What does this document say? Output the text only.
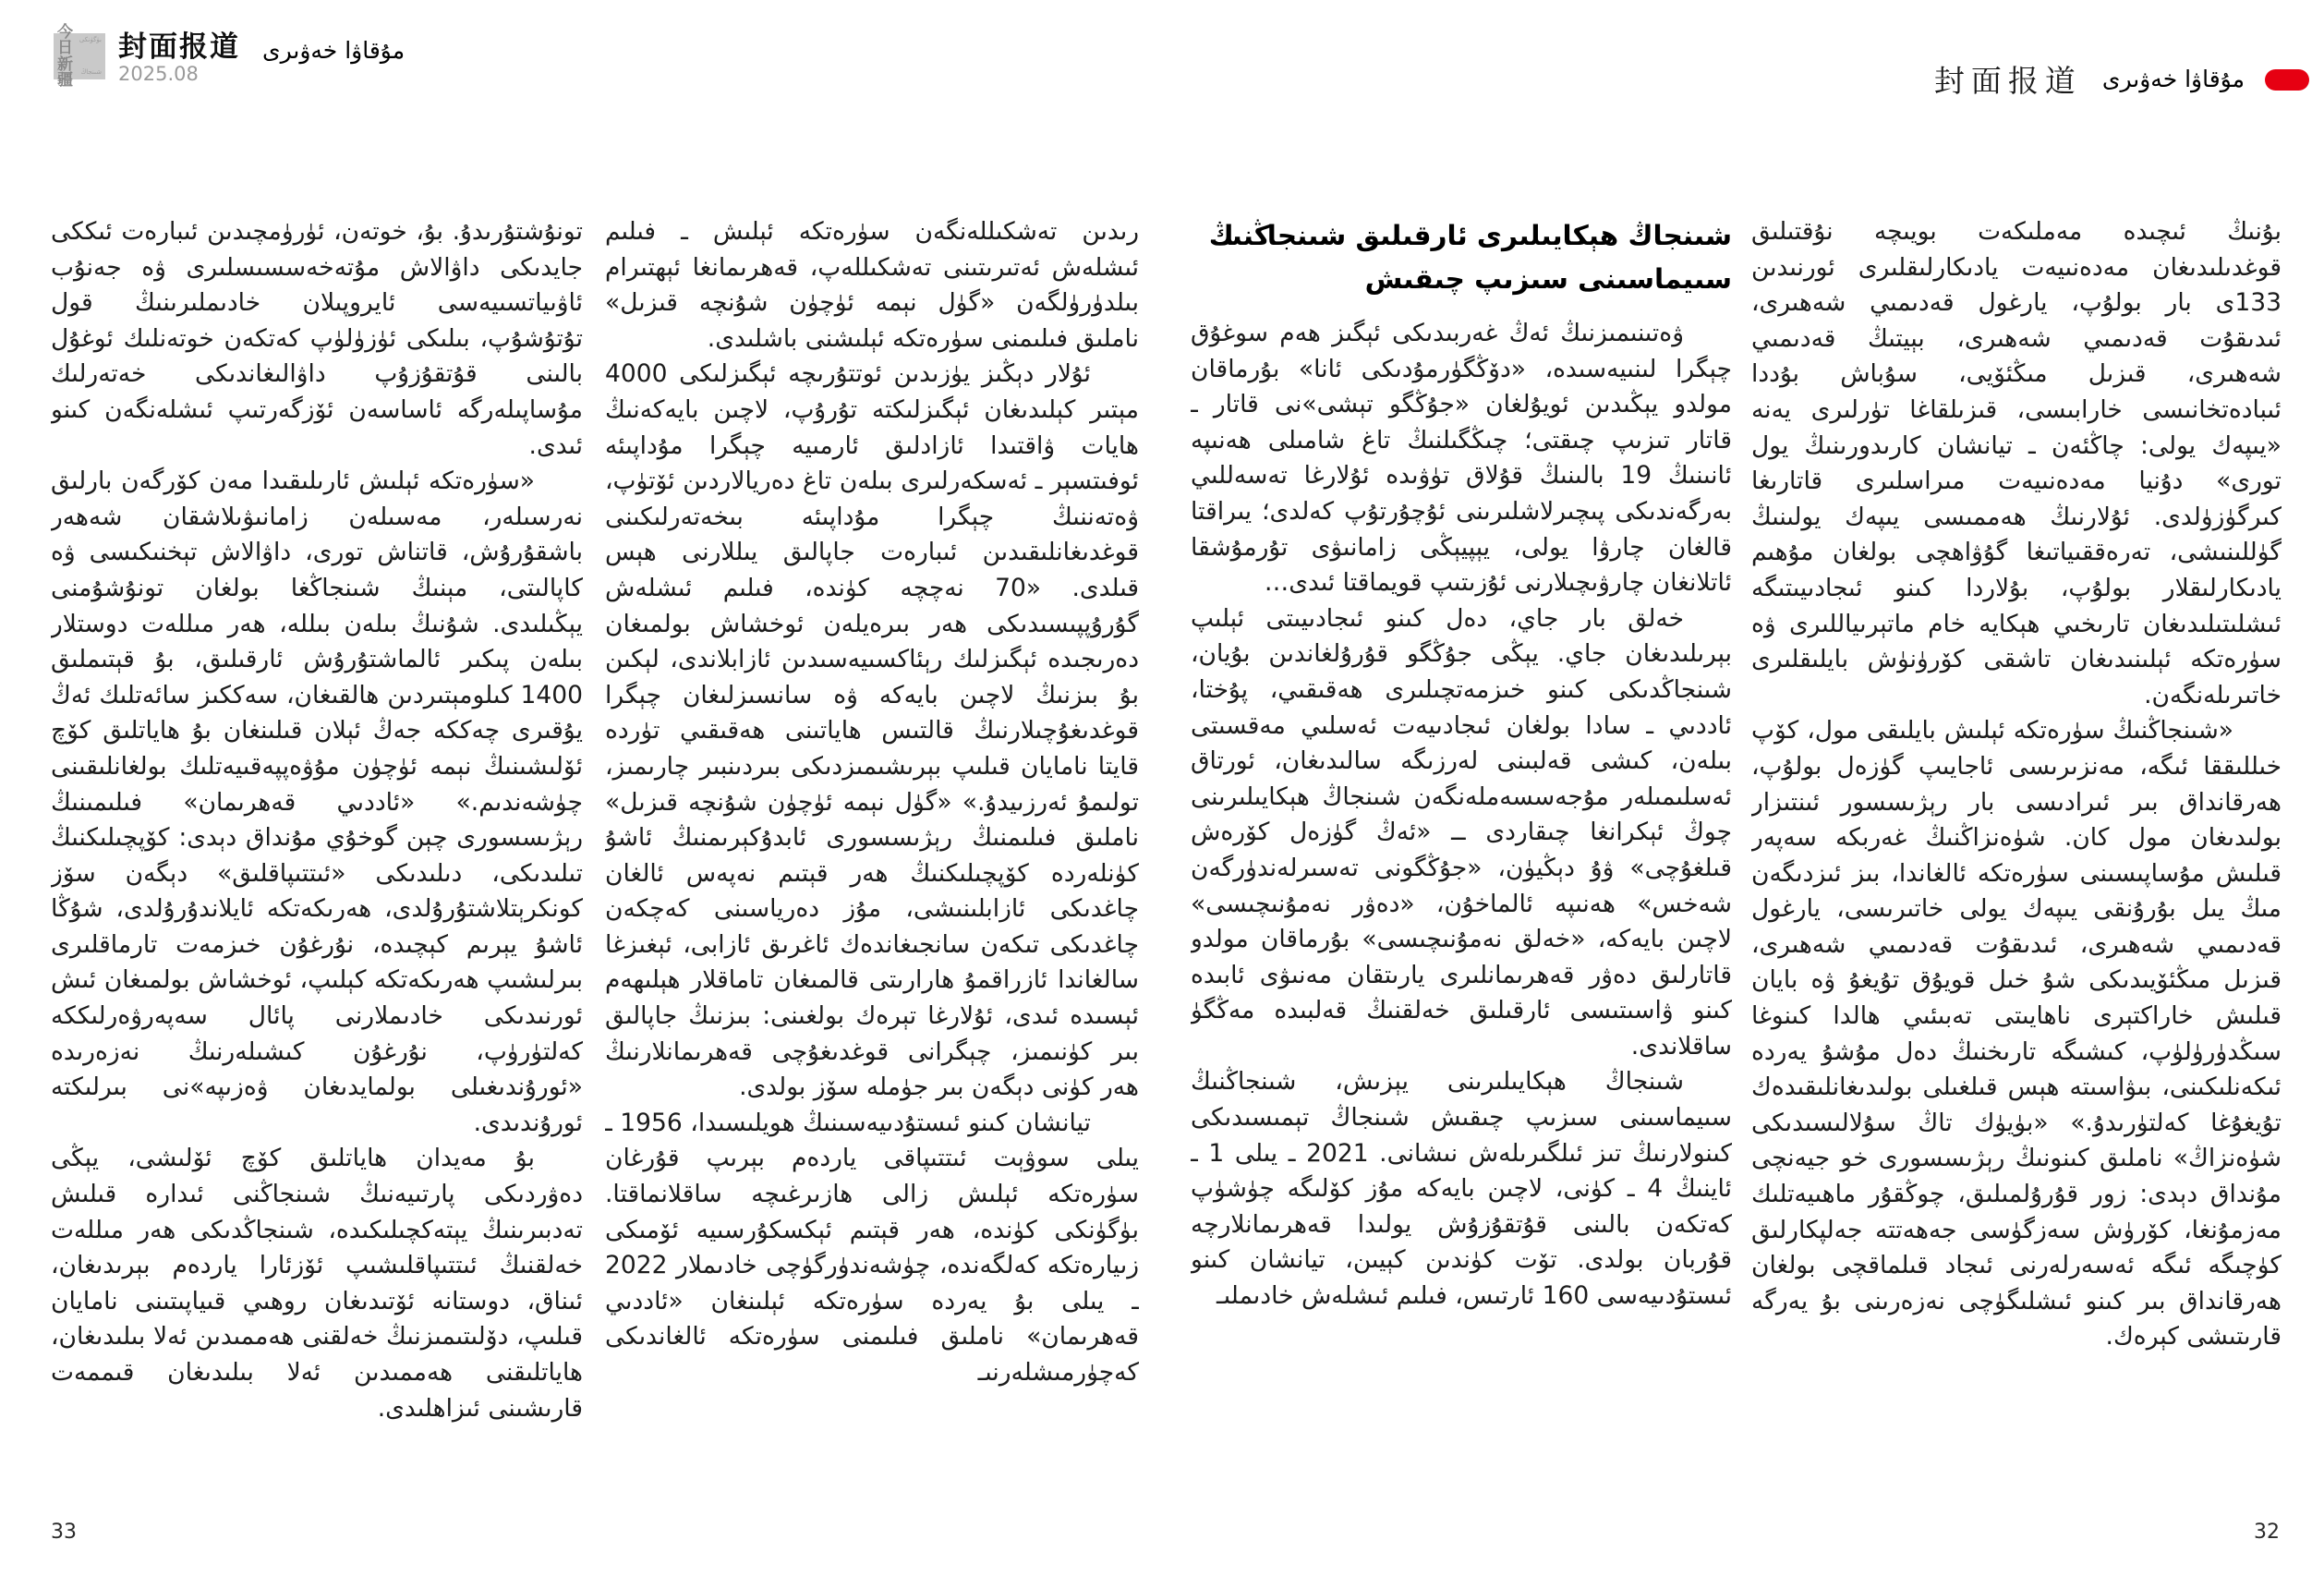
今日 بۈگۈنكى
新疆	شىنجاڭ
封面报道
2025.08
مۇقاۋا خەۋىرى
封面报道 مۇقاۋا خەۋىرى

بۇنىڭ ئىچىدە مەملىكەت بويىچە نۇقتىلىق قوغدىلىدىغان مەدەنىيەت يادىكارلىقلىرى ئورنىدىن 133ى بار بولۇپ، يارغول قەدىمىي شەھىرى، ئىدىقۇت قەدىمىي شەھىرى، بېيتىڭ قەدىمىي شەھىرى، قىزىل مىڭئۆيى، سۇباش بۇددا ئىبادەتخانىسى خارابىسى، قىزىلقاغا تۈرلىرى يەنە «يىپەك يولى: چاڭئەن ـ تيانشان كارىدورىنىڭ يول تورى» دۇنيا مەدەنىيەت مىراسلىرى قاتارىغا كىرگۈزۈلدى. ئۇلارنىڭ ھەممىسى يىپەك يولىنىڭ گۈللىنىشى، تەرەققىياتىغا گۇۋاھچى بولغان مۇھىم يادىكارلىقلار بولۇپ، بۇلاردا كىنو ئىجادىيىتىگە ئىشلىتىلىدىغان تارىخىي ھېكايە خام ماتېرىياللىرى ۋە سۈرەتكە ئېلىنىدىغان تاشقى كۆرۈنۈش بايلىقلىرى خاتىرىلەنگەن.

«شىنجاڭنىڭ سۈرەتكە ئېلىش بايلىقى مول، كۆپ خىللىققا ئىگە، مەنزىرىسى ئاجايىپ گۈزەل بولۇپ، ھەرقانداق بىر ئىرادىسى بار رېژىسسور ئىنتىزار بولىدىغان مول كان. شۈەنزاڭنىڭ غەربكە سەپەر قىلىش مۇساپىسىنى سۈرەتكە ئالغاندا، بىز ئىزدىگەن مىڭ يىل بۇرۇنقى يىپەك يولى خاتىرىسى، يارغول قەدىمىي شەھىرى، ئىدىقۇت قەدىمىي شەھىرى، قىزىل مىڭئۆيىدىكى شۇ خىل قويۇق تۇيغۇ ۋە بايان قىلىش خاراكتېرى ناھايىتى تەبىئىي ھالدا كىنوغا سىڭدۈرۈلۈپ، كىشىگە تارىخنىڭ دەل مۇشۇ يەردە ئىكەنلىكىنى، بىۋاسىتە ھېس قىلغىلى بولىدىغانلىقىدەك تۇيغۇغا كەلتۈرىدۇ.» «بۈيۈك تاڭ سۇلالىسىدىكى شۈەنزاڭ» ناملىق كىنونىڭ رېژىسسورى خو جيەنچى مۇنداق دېدى: زور قۇرۇلمىلىق، چوڭقۇر ماھىيەتلىك مەزمۇنغا، كۆرۈش سەزگۈسى جەھەتتە جەلپكارلىق كۈچىگە ئىگە ئەسەرلەرنى ئىجاد قىلماقچى بولغان ھەرقانداق بىر كىنو ئىشلىگۈچى نەزەرىنى بۇ يەرگە قارىتىشى كېرەك.

شىنجاڭ ھېكايىلىرى ئارقىلىق شىنجاڭنىڭ سىيماسىنى سىزىپ چىقىش

ۋەتىنىمىزنىڭ ئەڭ غەربىدىكى ئېگىز ھەم سوغۇق چېگرا لىنىيەسىدە، «دۆڭگۈرمۇدىكى ئانا» بۇرماقان مولدو يېڭىدىن ئويۇلغان «جۇڭگو تېشى»نى قاتار ـ قاتار تىزىپ چىقتى؛ چىڭگىلنىڭ تاغ شامىلى ھەنىپە ئانىنىڭ 19 بالىنىڭ قۇلاق تۈۋىدە ئۇلارغا تەسەللىي بەرگەندىكى پىچىرلاشلىرىنى ئۇچۇرتۇپ كەلدى؛ يىراقتا قالغان چارۋا يولى، يېپيېڭى زامانىۋى تۇرمۇشقا ئاتلانغان چارۋىچىلارنى ئۇزىتىپ قويماقتا ئىدى…

خەلق بار جاي، دەل كىنو ئىجادىيىتى ئېلىپ بېرىلىدىغان جاي. يېڭى جۇڭگو قۇرۇلغاندىن بۇيان، شىنجاڭدىكى كىنو خىزمەتچىلىرى ھەقىقىي، پۇختا، ئاددىي ـ سادا بولغان ئىجادىيەت ئەسلىي مەقسىتى بىلەن، كىشى قەلبىنى لەرزىگە سالىدىغان، ئورتاق ئەسلىمىلەر مۇجەسسەملەنگەن شىنجاڭ ھېكايىلىرىنى چوڭ ئېكرانغا چىقاردى ــ «ئەڭ گۈزەل كۆرەش قىلغۇچى» ۋۇ دېڭيۈن، «جۇڭگونى تەسىرلەندۈرگەن شەخس» ھەنىپە ئالماخۇن، «دەۋر نەمۇنىچىسى» لاچىن بايەكە، «خەلق نەمۇنىچىسى» بۇرماقان مولدو قاتارلىق دەۋر قەھرىمانلىرى يارىتقان مەنىۋى ئابىدە كىنو ۋاسىتىسى ئارقىلىق خەلقنىڭ قەلبىدە مەڭگۈ ساقلاندى.

شىنجاڭ ھېكايىلىرىنى يېزىش، شىنجاڭنىڭ سىيماسىنى سىزىپ چىقىش شىنجاڭ تېمىسىدىكى كىنولارنىڭ تىز ئىلگىرىلەش نىشانى. 2021 ـ يىلى 1 ـ ئاينىڭ 4 ـ كۈنى، لاچىن بايەكە مۇز كۆلىگە چۈشۈپ كەتكەن بالىنى قۇتقۇزۇش يولىدا قەھرىمانلارچە قۇربان بولدى. تۆت كۈندىن كېيىن، تيانشان كىنو ئىستۇدىيەسى 160 ئارتىس، فىلىم ئىشلەش خادىملىـ

رىدىن تەشكىللەنگەن سۈرەتكە ئېلىش ـ فىلىم ئىشلەش ئەتىرىتىنى تەشكىللەپ، قەھرىمانغا ئېھتىرام بىلدۈرۈلگەن «گۈل نېمە ئۈچۈن شۇنچە قىزىل» ناملىق فىلىمنى سۈرەتكە ئېلىشنى باشلىدى.

ئۇلار دېڭىز يۈزىدىن ئوتتۇرىچە ئېگىزلىكى 4000 مېتىر كېلىدىغان ئېگىزلىكتە تۇرۇپ، لاچىن بايەكەنىڭ ھايات ۋاقتىدا ئازادلىق ئارمىيە چېگرا مۇداپىئە ئوفىتسېر ـ ئەسكەرلىرى بىلەن تاغ دەريالاردىن ئۆتۈپ، ۋەتەننىڭ چېگرا مۇداپىئە بىخەتەرلىكىنى قوغدىغانلىقىدىن ئىبارەت جاپالىق يىللارنى ھېس قىلدى. «70 نەچچە كۈندە، فىلىم ئىشلەش گۇرۇپپىسىدىكى ھەر بىرەيلەن ئوخشاش بولمىغان دەرىجىدە ئېگىزلىك رېئاكسىيەسىدىن ئازابلاندى، لېكىن بۇ بىزنىڭ لاچىن بايەكە ۋە سانسىزلىغان چېگرا قوغدىغۇچىلارنىڭ قالتىس ھاياتىنى ھەقىقىي تۈردە قايتا نامايان قىلىپ بېرىشىمىزدىكى بىردىنبىر چارىمىز، تولىمۇ ئەرزىيدۇ.» «گۈل نېمە ئۈچۈن شۇنچە قىزىل» ناملىق فىلىمنىڭ رېژىسسورى ئابدۇكېرىمنىڭ ئاشۇ كۈنلەردە كۆپچىلىكنىڭ ھەر قېتىم نەپەس ئالغان چاغدىكى ئازابلىنىشى، مۇز دەرياسىنى كەچكەن چاغدىكى تىكەن سانجىغاندەك ئاغرىق ئازابى، ئېغىزغا سالغاندا ئازراقمۇ ھارارىتى قالمىغان تاماقلار ھېلىھەم ئېسىدە ئىدى، ئۇلارغا تېرەك بولغىنى: بىزنىڭ جاپالىق بىر كۈنىمىز، چېگرانى قوغدىغۇچى قەھرىمانلارنىڭ ھەر كۈنى دېگەن بىر جۈملە سۆز بولدى.

تيانشان كىنو ئىستۇدىيەسىنىڭ ھويلىسىدا، 1956 ـ يىلى سوۋېت ئىتتىپاقى ياردەم بېرىپ قۇرغان سۈرەتكە ئېلىش زالى ھازىرغىچە ساقلانماقتا. بۈگۈنكى كۈندە، ھەر قېتىم ئېكسكۇرسىيە ئۆمىكى زىيارەتكە كەلگەندە، چۈشەندۈرگۈچى خادىملار 2022 ـ يىلى بۇ يەردە سۈرەتكە ئېلىنغان «ئاددىي قەھرىمان» ناملىق فىلىمنى سۈرەتكە ئالغاندىكى كەچۈرمىشلەرنىـ

تونۇشتۇرىدۇ. بۇ، خوتەن، ئۈرۈمچىدىن ئىبارەت ئىككى جايدىكى داۋالاش مۇتەخەسسىسلىرى ۋە جەنۇب ئاۋىياتسىيەسى ئايروپىلان خادىملىرىنىڭ قول تۇتۇشۇپ، بىلىكى ئۈزۈلۈپ كەتكەن خوتەنلىك ئوغۇل بالىنى قۇتقۇزۇپ داۋالىغاندىكى خەتەرلىك مۇساپىلەرگە ئاساسەن ئۆزگەرتىپ ئىشلەنگەن كىنو ئىدى.

«سۈرەتكە ئېلىش ئارىلىقىدا مەن كۆرگەن بارلىق نەرسىلەر، مەسىلەن زامانىۋىلاشقان شەھەر باشقۇرۇش، قاتناش تورى، داۋالاش تېخنىكىسى ۋە كاپالىتى، مېنىڭ شىنجاڭغا بولغان تونۇشۇمنى يېڭىلىدى. شۇنىڭ بىلەن بىللە، ھەر مىللەت دوستلار بىلەن پىكىر ئالماشتۇرۇش ئارقىلىق، بۇ قېتىملىق 1400 كىلومېتىردىن ھالقىغان، سەككىز سائەتلىك ئەڭ يۇقىرى چەككە جەڭ ئېلان قىلىنغان بۇ ھاياتلىق كۆچ ئۆلىشىنىڭ نېمە ئۈچۈن مۇۋەپپەقىيەتلىك بولغانلىقىنى چۈشەندىم.» «ئاددىي قەھرىمان» فىلىمىنىڭ رېژىسسورى چېن گوخۇي مۇنداق دېدى: كۆپچىلىكنىڭ تىلىدىكى، دىلىدىكى «ئىتتىپاقلىق» دېگەن سۆز كونكرېتلاشتۇرۇلدى، ھەرىكەتكە ئايلاندۇرۇلدى، شۇڭا ئاشۇ يېرىم كېچىدە، نۇرغۇن خىزمەت تارماقلىرى بىرلىشىپ ھەرىكەتكە كېلىپ، ئوخشاش بولمىغان ئىش ئورنىدىكى خادىملارنى پائال سەپەرۋەرلىككە كەلتۈرۈپ، نۇرغۇن كىشىلەرنىڭ نەزەرىدە «ئورۇندىغىلى بولمايدىغان ۋەزىپە»نى بىرلىكتە ئورۇندىدى.

بۇ مەيدان ھاياتلىق كۆچ ئۆلىشى، يېڭى دەۋردىكى پارتىيەنىڭ شىنجاڭنى ئىدارە قىلىش تەدبىرىنىڭ يېتەكچىلىكىدە، شىنجاڭدىكى ھەر مىللەت خەلقنىڭ ئىتتىپاقلىشىپ ئۆزئارا ياردەم بېرىدىغان، ئىناق، دوستانە ئۆتىدىغان روھىي قىياپىتىنى نامايان قىلىپ، دۆلىتىمىزنىڭ خەلقنى ھەممىدىن ئەلا بىلىدىغان، ھاياتلىقنى ھەممىدىن ئەلا بىلىدىغان قىممەت قارىشىنى ئىزاھلىدى.

33	32
